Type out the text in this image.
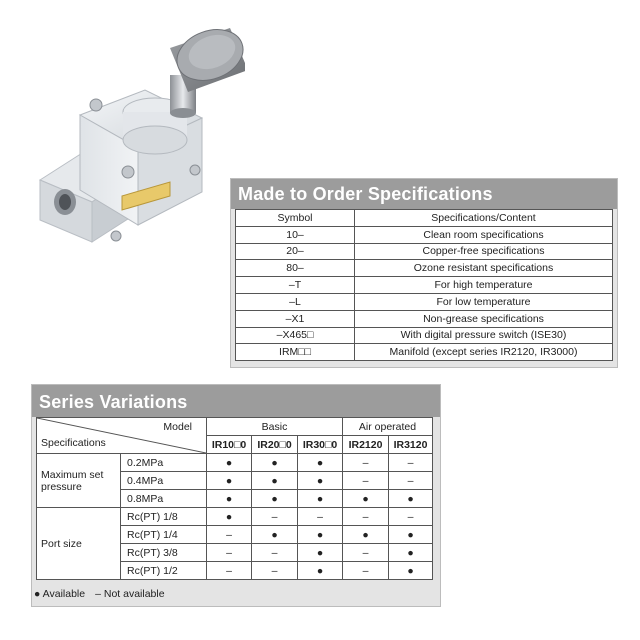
Made to Order Specifications
Symbol	Specifications/Content
10–	Clean room specifications
20–	Copper-free specifications
80–	Ozone resistant specifications
–T	For high temperature
–L	For low temperature
–X1	Non-grease specifications
–X465□	With digital pressure switch (ISE30)
IRM□□	Manifold (except series IR2120, IR3000)
Series Variations
Model
Specifications		Basic			Air operated	
		IR10□0	IR20□0	IR30□0	IR2120	IR3120
Maximum set pressure	0.2MPa	●	●	●	–	–
	0.4MPa	●	●	●	–	–
	0.8MPa	●	●	●	●	●
Port size	Rc(PT) 1/8	●	–	–	–	–
	Rc(PT) 1/4	–	●	●	●	●
	Rc(PT) 3/8	–	–	●	–	●
	Rc(PT) 1/2	–	–	●	–	●
● Available – Not available
